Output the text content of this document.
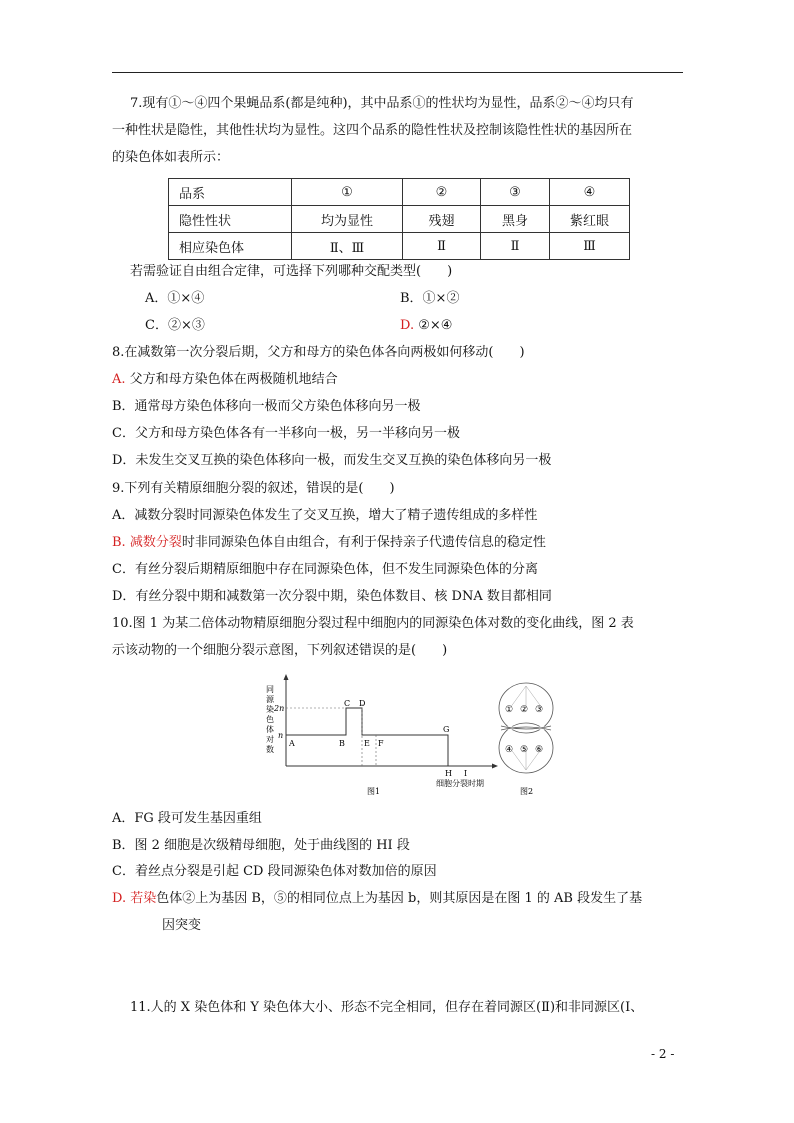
7.现有①～④四个果蝇品系(都是纯种)，其中品系①的性状均为显性，品系②～④均只有
一种性状是隐性，其他性状均为显性。这四个品系的隐性性状及控制该隐性性状的基因所在
的染色体如表所示：
品系	①	②	③	④
隐性性状	均为显性	残翅	黑身	紫红眼
相应染色体	Ⅱ、Ⅲ	Ⅱ	Ⅱ	Ⅲ
若需验证自由组合定律，可选择下列哪种交配类型(　　)
A．①×④	B．①×②
C．②×③	D. ②×④
8.在减数第一次分裂后期，父方和母方的染色体各向两极如何移动(　　)
A. 父方和母方染色体在两极随机地结合
B．通常母方染色体移向一极而父方染色体移向另一极
C．父方和母方染色体各有一半移向一极，另一半移向另一极
D．未发生交叉互换的染色体移向一极，而发生交叉互换的染色体移向另一极
9.下列有关精原细胞分裂的叙述，错误的是(　　)
A．减数分裂时同源染色体发生了交叉互换，增大了精子遗传组成的多样性
B. 减数分裂时非同源染色体自由组合，有利于保持亲子代遗传信息的稳定性
C．有丝分裂后期精原细胞中存在同源染色体，但不发生同源染色体的分离
D．有丝分裂中期和减数第一次分裂中期，染色体数目、核 DNA 数目都相同
10.图 1 为某二倍体动物精原细胞分裂过程中细胞内的同源染色体对数的变化曲线，图 2 表
示该动物的一个细胞分裂示意图，下列叙述错误的是(　　)
同
源
染
色
体
对
数
2n
n
A	B
C D
E F
G
H I
细胞分裂时期
图1
① ② ③
④ ⑤ ⑥
图2
A．FG 段可发生基因重组
B．图 2 细胞是次级精母细胞，处于曲线图的 HI 段
C．着丝点分裂是引起 CD 段同源染色体对数加倍的原因
D. 若染色体②上为基因 B，⑤的相同位点上为基因 b，则其原因是在图 1 的 AB 段发生了基
因突变
11.人的 X 染色体和 Y 染色体大小、形态不完全相同，但存在着同源区(Ⅱ)和非同源区(Ⅰ、
- 2 -
